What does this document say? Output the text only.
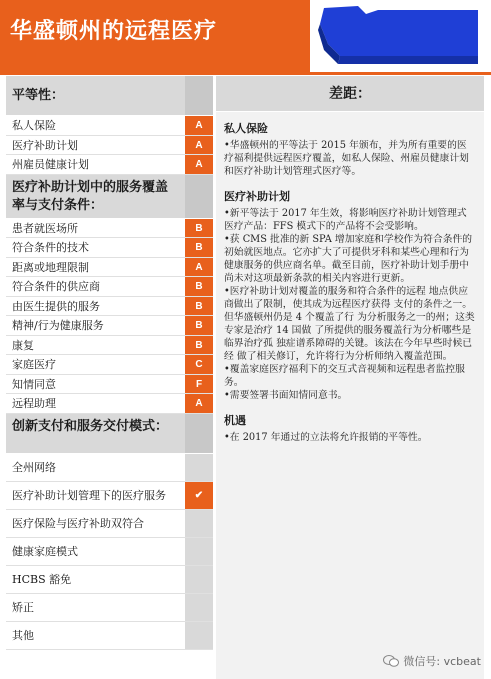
华盛顿州的远程医疗
平等性：
私人保险	A
医疗补助计划	A
州雇员健康计划	A
医疗补助计划中的服务覆盖率与支付条件：
患者就医场所	B
符合条件的技术	B
距离或地理限制	A
符合条件的供应商	B
由医生提供的服务	B
精神/行为健康服务	B
康复	B
家庭医疗	C
知情同意	F
远程助理	A
创新支付和服务交付模式：
全州网络
医疗补助计划管理下的医疗服务	✔
医疗保险与医疗补助双符合
健康家庭模式
HCBS 豁免
矫正
其他
差距：
私人保险
•华盛顿州的平等法于 2015 年颁布，并为所有重要的医疗福利提供远程医疗覆盖，如私人保险、州雇员健康计划和医疗补助计划管理式医疗等。
医疗补助计划
•新平等法于 2017 年生效，将影响医疗补助计划管理式医疗产品：FFS 模式下的产品将不会受影响。
•获 CMS 批准的新 SPA 增加家庭和学校作为符合条件的初始就医地点。它亦扩大了可提供牙科和某些心理和行为健康服务的供应商名单。截至目前，医疗补助计划手册中尚未对这项最新条款的相关内容进行更新。
•医疗补助计划对覆盖的服务和符合条件的远程 地点供应商做出了限制，使其成为远程医疗获得 支付的条件之一。但华盛顿州仍是 4 个覆盖了行 为分析服务之一的州；这类专家是治疗 14 国做 了所提供的服务覆盖行为分析哪些是临界治疗孤 独症谱系障碍的关键。该法在今年早些时候已经 做了相关修订，允许将行为分析师纳入覆盖范围。
•覆盖家庭医疗福利下的交互式音视频和远程患者监控服务。
•需要签署书面知情同意书。
机遇
•在 2017 年通过的立法将允许报销的平等性。
微信号: vcbeat
